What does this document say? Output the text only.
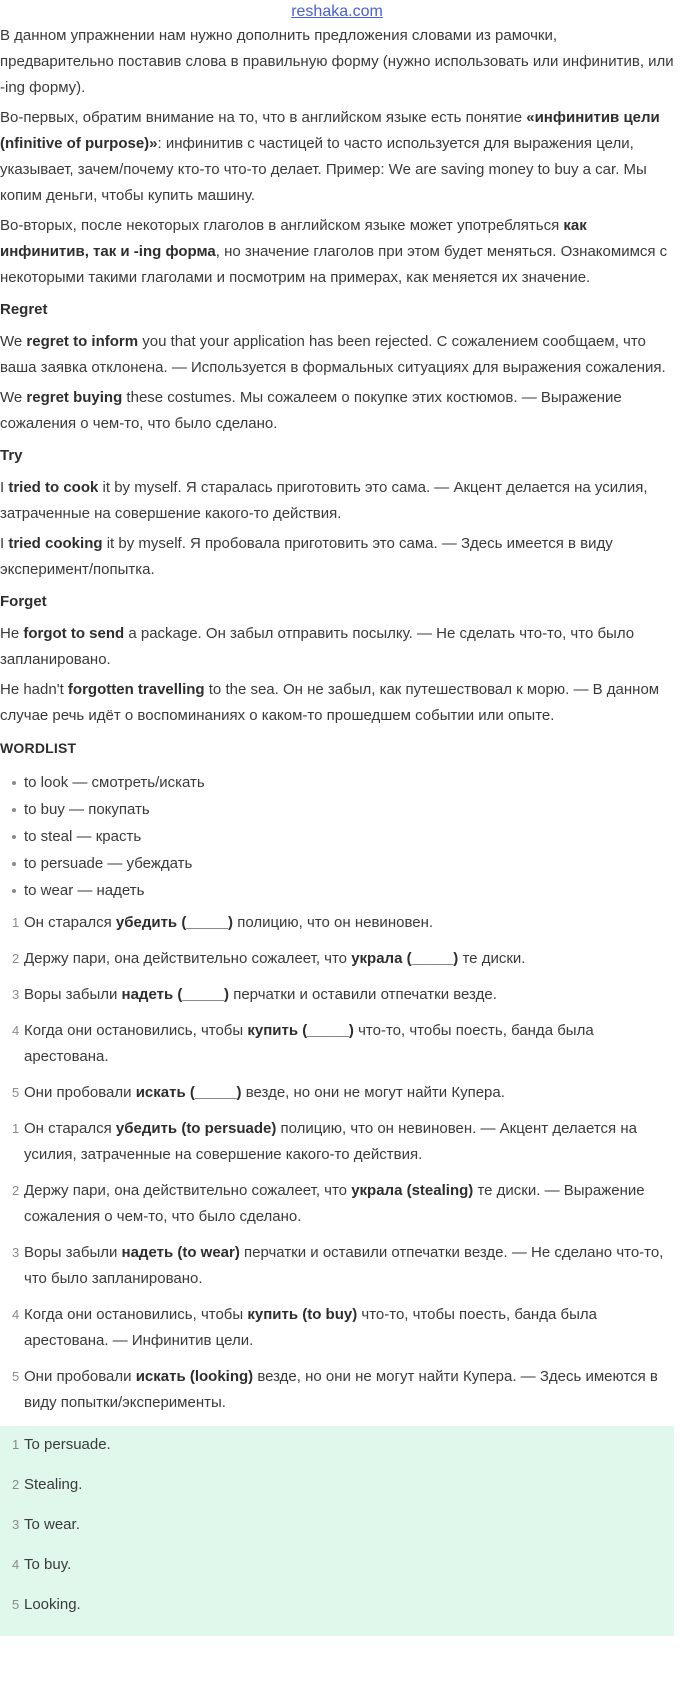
reshaka.com

В данном упражнении нам нужно дополнить предложения словами из рамочки, предварительно поставив слова в правильную форму (нужно использовать или инфинитив, или -ing форму).

Во-первых, обратим внимание на то, что в английском языке есть понятие «инфинитив цели (nfinitive of purpose)»: инфинитив с частицей to часто используется для выражения цели, указывает, зачем/почему кто-то что-то делает. Пример: We are saving money to buy a car. Мы копим деньги, чтобы купить машину.

Во-вторых, после некоторых глаголов в английском языке может употребляться как инфинитив, так и -ing форма, но значение глаголов при этом будет меняться. Ознакомимся с некоторыми такими глаголами и посмотрим на примерах, как меняется их значение.

Regret

We regret to inform you that your application has been rejected. С сожалением сообщаем, что ваша заявка отклонена. — Используется в формальных ситуациях для выражения сожаления.

We regret buying these costumes. Мы сожалеем о покупке этих костюмов. — Выражение сожаления о чем-то, что было сделано.

Try

I tried to cook it by myself. Я старалась приготовить это сама. — Акцент делается на усилия, затраченные на совершение какого-то действия.

I tried cooking it by myself. Я пробовала приготовить это сама. — Здесь имеется в виду эксперимент/попытка.

Forget

He forgot to send a package. Он забыл отправить посылку. — Не сделать что-то, что было запланировано.

He hadn't forgotten travelling to the sea. Он не забыл, как путешествовал к морю. — В данном случае речь идёт о воспоминаниях о каком-то прошедшем событии или опыте.

WORDLIST
to look — смотреть/искать
to buy — покупать
to steal — красть
to persuade — убеждать
to wear — надеть
1 Он старался убедить (_____) полицию, что он невиновен.
2 Держу пари, она действительно сожалеет, что украла (_____) те диски.
3 Воры забыли надеть (_____) перчатки и оставили отпечатки везде.
4 Когда они остановились, чтобы купить (_____) что-то, чтобы поесть, банда была арестована.
5 Они пробовали искать (_____) везде, но они не могут найти Купера.
1 Он старался убедить (to persuade) полицию, что он невиновен. — Акцент делается на усилия, затраченные на совершение какого-то действия.
2 Держу пари, она действительно сожалеет, что украла (stealing) те диски. — Выражение сожаления о чем-то, что было сделано.
3 Воры забыли надеть (to wear) перчатки и оставили отпечатки везде. — Не сделано что-то, что было запланировано.
4 Когда они остановились, чтобы купить (to buy) что-то, чтобы поесть, банда была арестована. — Инфинитив цели.
5 Они пробовали искать (looking) везде, но они не могут найти Купера. — Здесь имеются в виду попытки/эксперименты.
1 To persuade.
2 Stealing.
3 To wear.
4 To buy.
5 Looking.
